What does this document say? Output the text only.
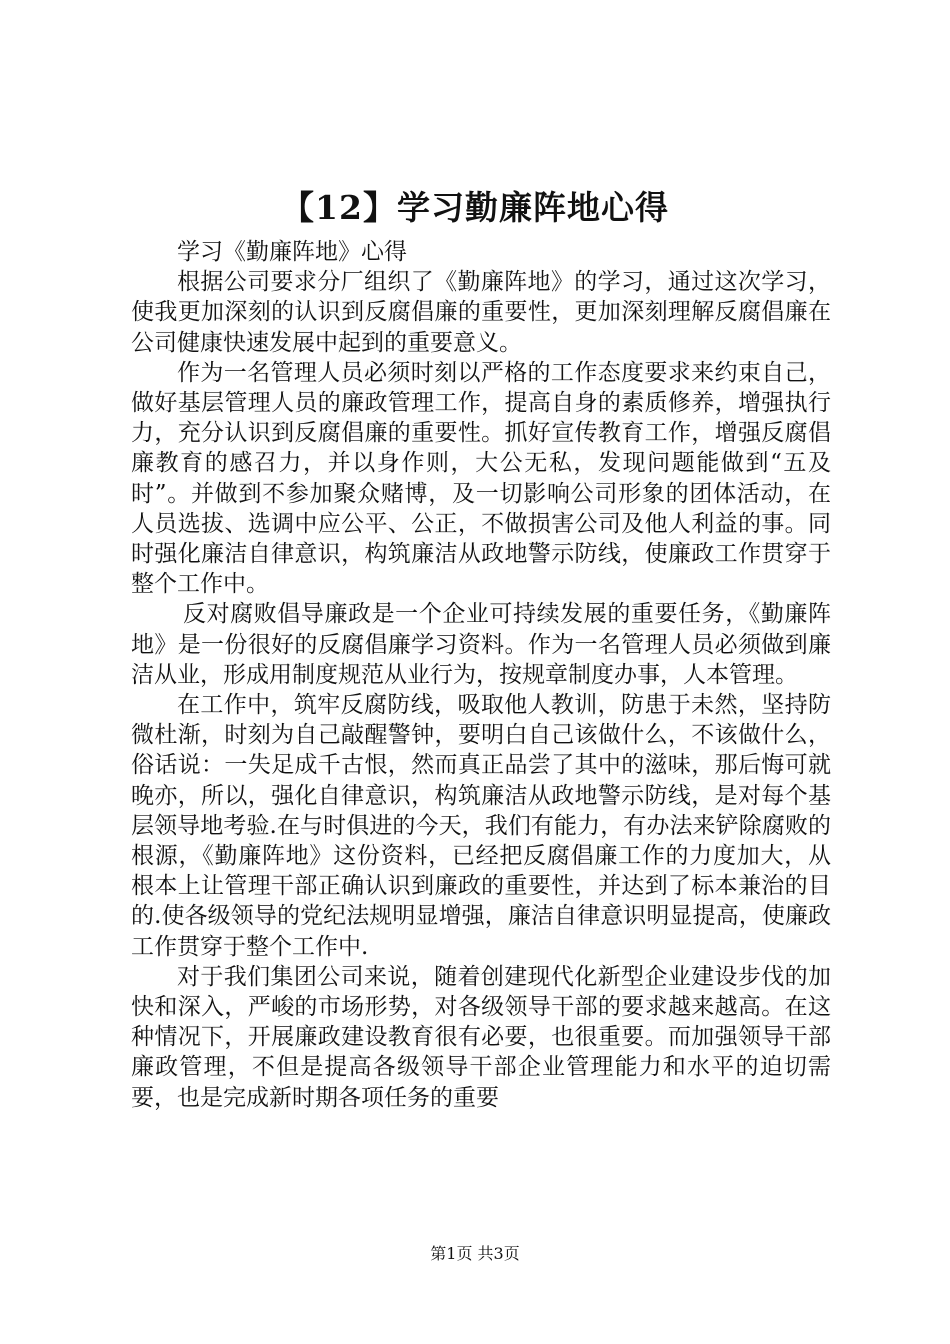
【12】学习勤廉阵地心得

学习《勤廉阵地》心得

根据公司要求分厂组织了《勤廉阵地》的学习，通过这次学习，使我更加深刻的认识到反腐倡廉的重要性，更加深刻理解反腐倡廉在公司健康快速发展中起到的重要意义。

作为一名管理人员必须时刻以严格的工作态度要求来约束自己，做好基层管理人员的廉政管理工作，提高自身的素质修养，增强执行力，充分认识到反腐倡廉的重要性。抓好宣传教育工作，增强反腐倡廉教育的感召力，并以身作则，大公无私，发现问题能做到“五及时”。并做到不参加聚众赌博，及一切影响公司形象的团体活动，在人员选拔、选调中应公平、公正，不做损害公司及他人利益的事。同时强化廉洁自律意识，构筑廉洁从政地警示防线，使廉政工作贯穿于整个工作中。

反对腐败倡导廉政是一个企业可持续发展的重要任务，《勤廉阵地》是一份很好的反腐倡廉学习资料。作为一名管理人员必须做到廉洁从业，形成用制度规范从业行为，按规章制度办事，人本管理。

在工作中，筑牢反腐防线，吸取他人教训，防患于未然，坚持防微杜渐，时刻为自己敲醒警钟，要明白自己该做什么，不该做什么，俗话说：一失足成千古恨，然而真正品尝了其中的滋味，那后悔可就晚亦，所以，强化自律意识，构筑廉洁从政地警示防线，是对每个基层领导地考验.在与时俱进的今天，我们有能力，有办法来铲除腐败的根源，《勤廉阵地》这份资料，已经把反腐倡廉工作的力度加大，从根本上让管理干部正确认识到廉政的重要性，并达到了标本兼治的目的.使各级领导的党纪法规明显增强，廉洁自律意识明显提高，使廉政工作贯穿于整个工作中.

对于我们集团公司来说，随着创建现代化新型企业建设步伐的加快和深入，严峻的市场形势，对各级领导干部的要求越来越高。在这种情况下，开展廉政建设教育很有必要，也很重要。而加强领导干部廉政管理，不但是提高各级领导干部企业管理能力和水平的迫切需要，也是完成新时期各项任务的重要

第1页 共3页
